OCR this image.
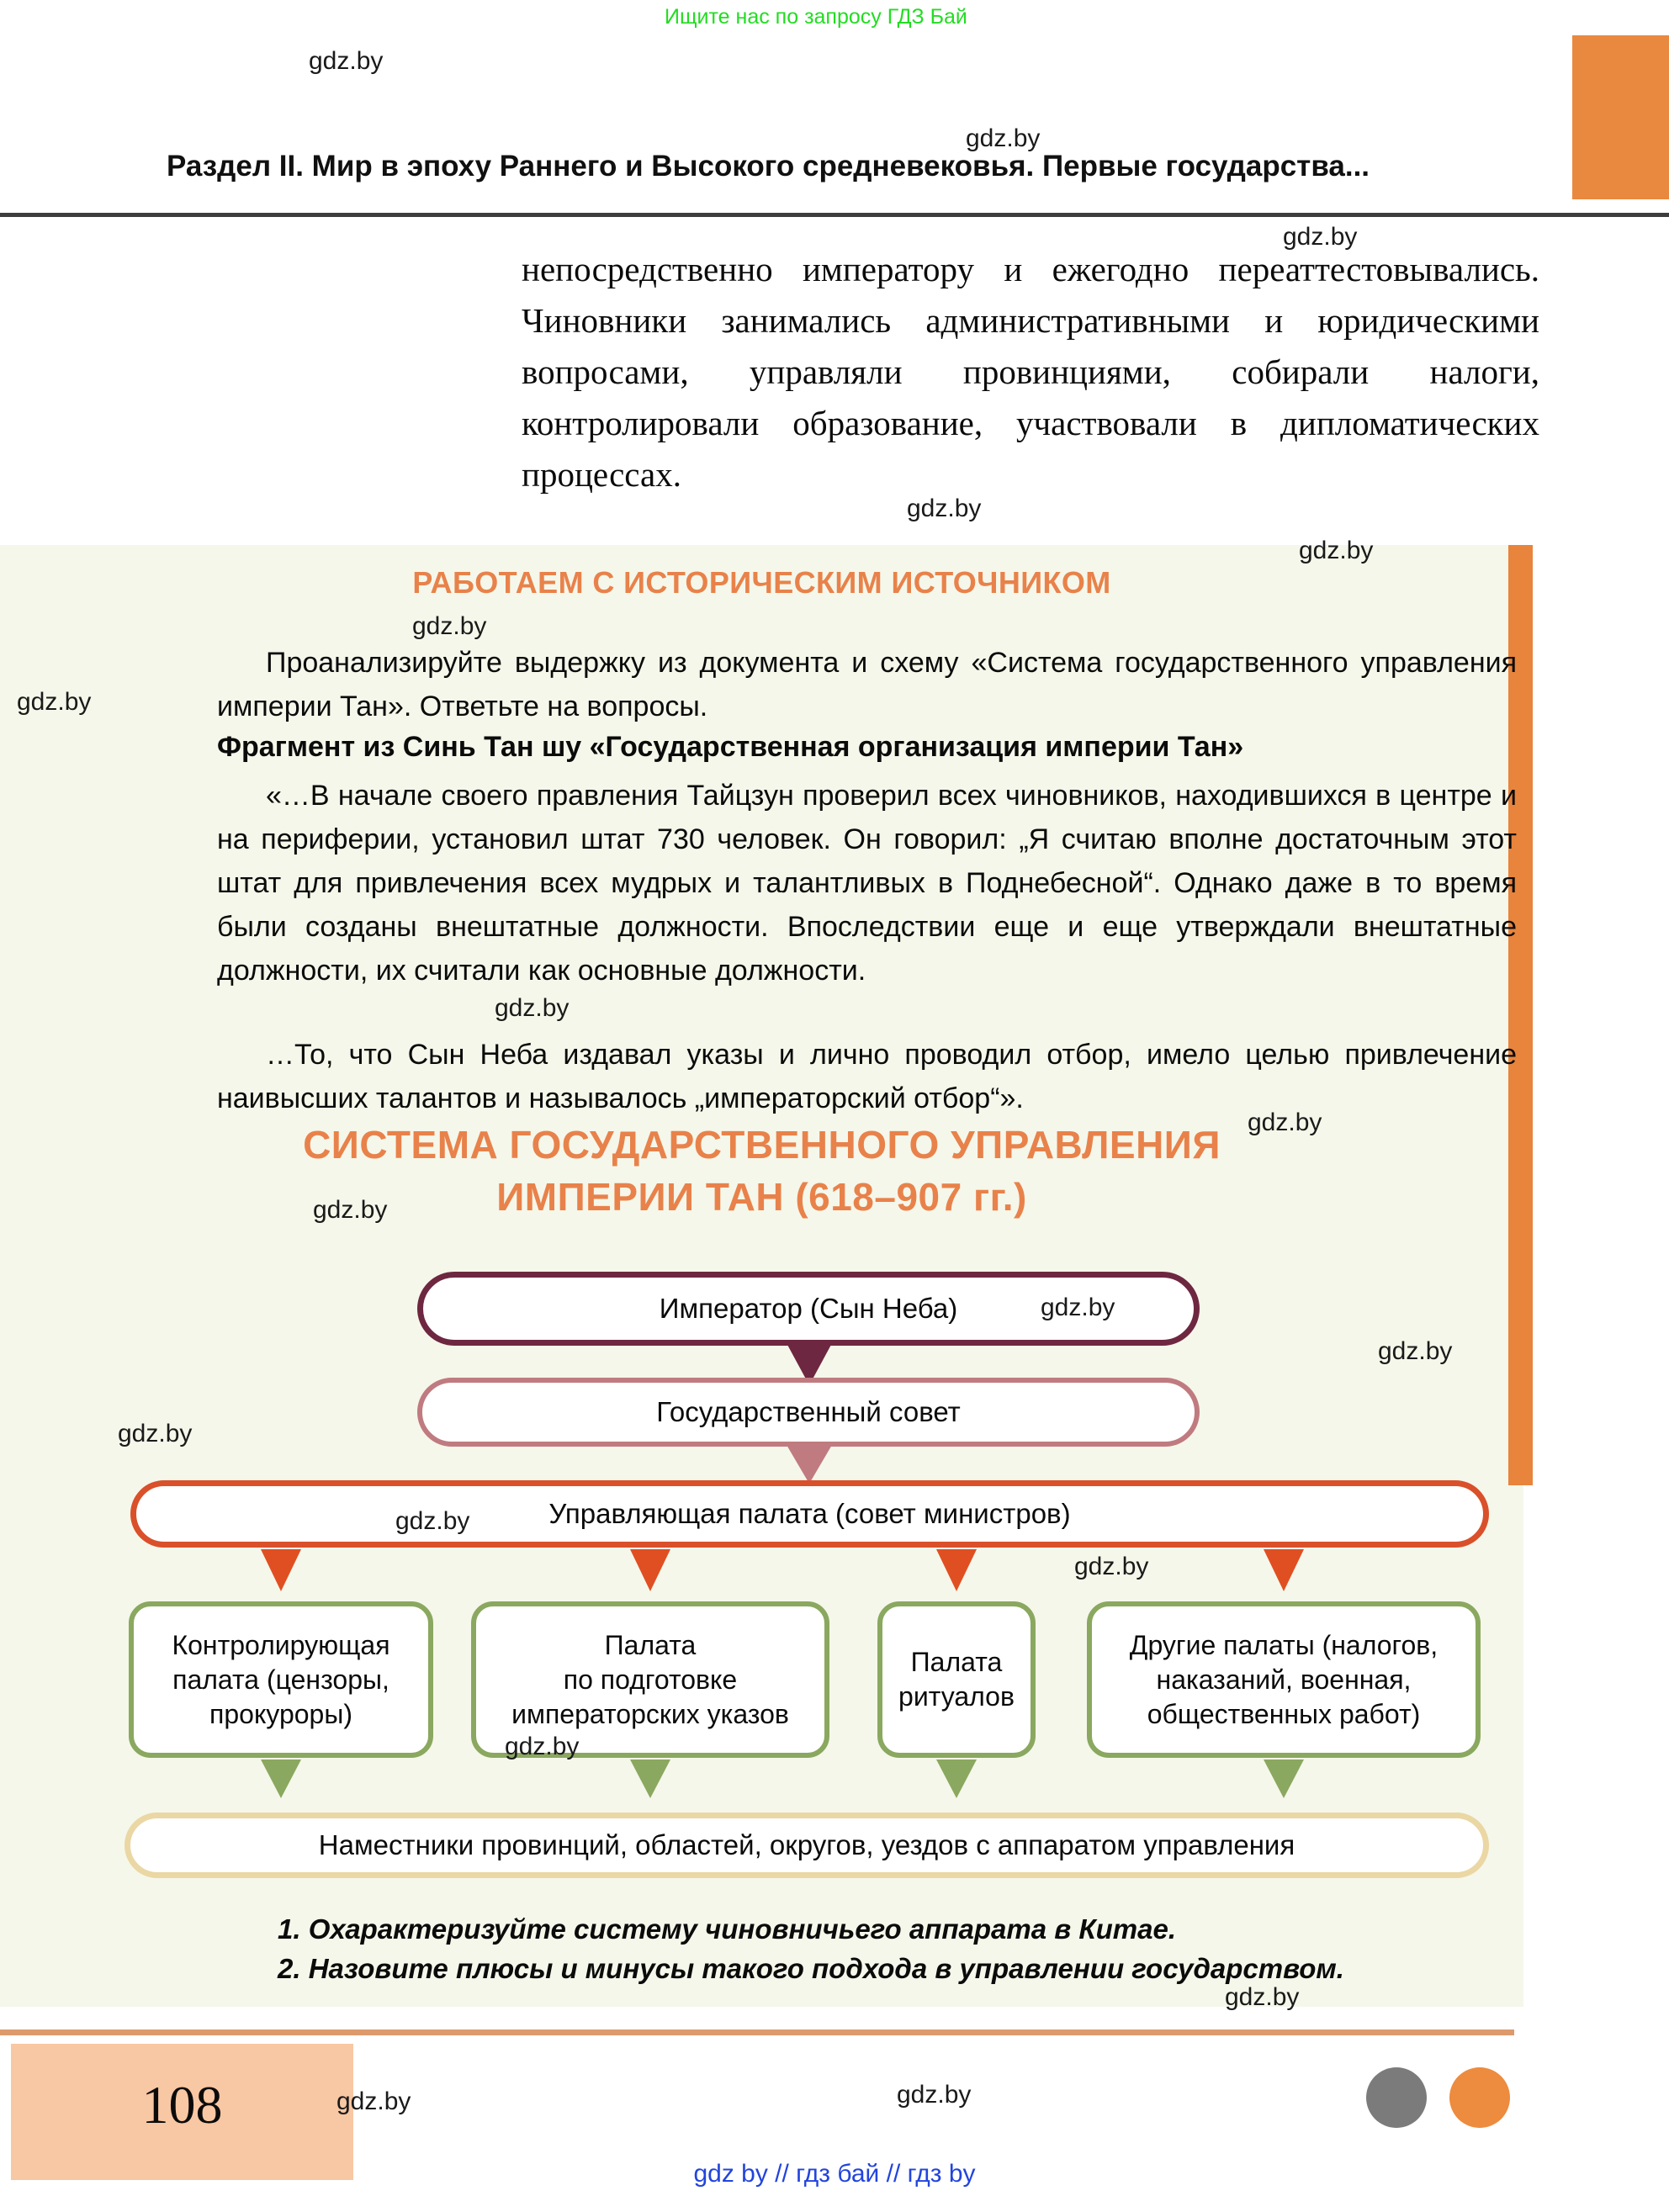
Раздел II. Мир в эпоху Раннего и Высокого средневековья. Первые государства...
непосредственно императору и ежегодно переаттестовывались. Чиновники занимались административными и юридическими вопросами, управляли провинциями, собирали налоги, контролировали образование, участвовали в дипломатических процессах.
РАБОТАЕМ С ИСТОРИЧЕСКИМ ИСТОЧНИКОМ
Проанализируйте выдержку из документа и схему «Система государственного управления империи Тан». Ответьте на вопросы.
Фрагмент из Синь Тан шу «Государственная организация империи Тан»
«…В начале своего правления Тайцзун проверил всех чиновников, находившихся в центре и на периферии, установил штат 730 человек. Он говорил: „Я считаю вполне достаточным этот штат для привлечения всех мудрых и талантливых в Поднебесной“. Однако даже в то время были созданы внештатные должности. Впоследствии еще и еще утверждали внештатные должности, их считали как основные должности.
…То, что Сын Неба издавал указы и лично проводил отбор, имело целью привлечение наивысших талантов и называлось „императорский отбор“».
СИСТЕМА ГОСУДАРСТВЕННОГО УПРАВЛЕНИЯ
ИМПЕРИИ ТАН (618–907 гг.)
Император (Сын Неба)
Государственный совет
Управляющая палата (совет министров)
Контролирующая
палата (цензоры,
прокуроры)
Палата
по подготовке
императорских указов
Палата
ритуалов
Другие палаты (налогов,
наказаний, военная,
общественных работ)
Наместники провинций, областей, округов, уездов с аппаратом управления
1. Охарактеризуйте систему чиновничьего аппарата в Китае.
2. Назовите плюсы и минусы такого подхода в управлении государством.
108
gdz by // гдз бай // гдз by
Ищите нас по запросу ГДЗ Бай
gdz.by
gdz.by
gdz.by
gdz.by
gdz.by
gdz.by
gdz.by
gdz.by
gdz.by
gdz.by
gdz.by
gdz.by
gdz.by
gdz.by
gdz.by
gdz.by
gdz.by
gdz.by
gdz.by
